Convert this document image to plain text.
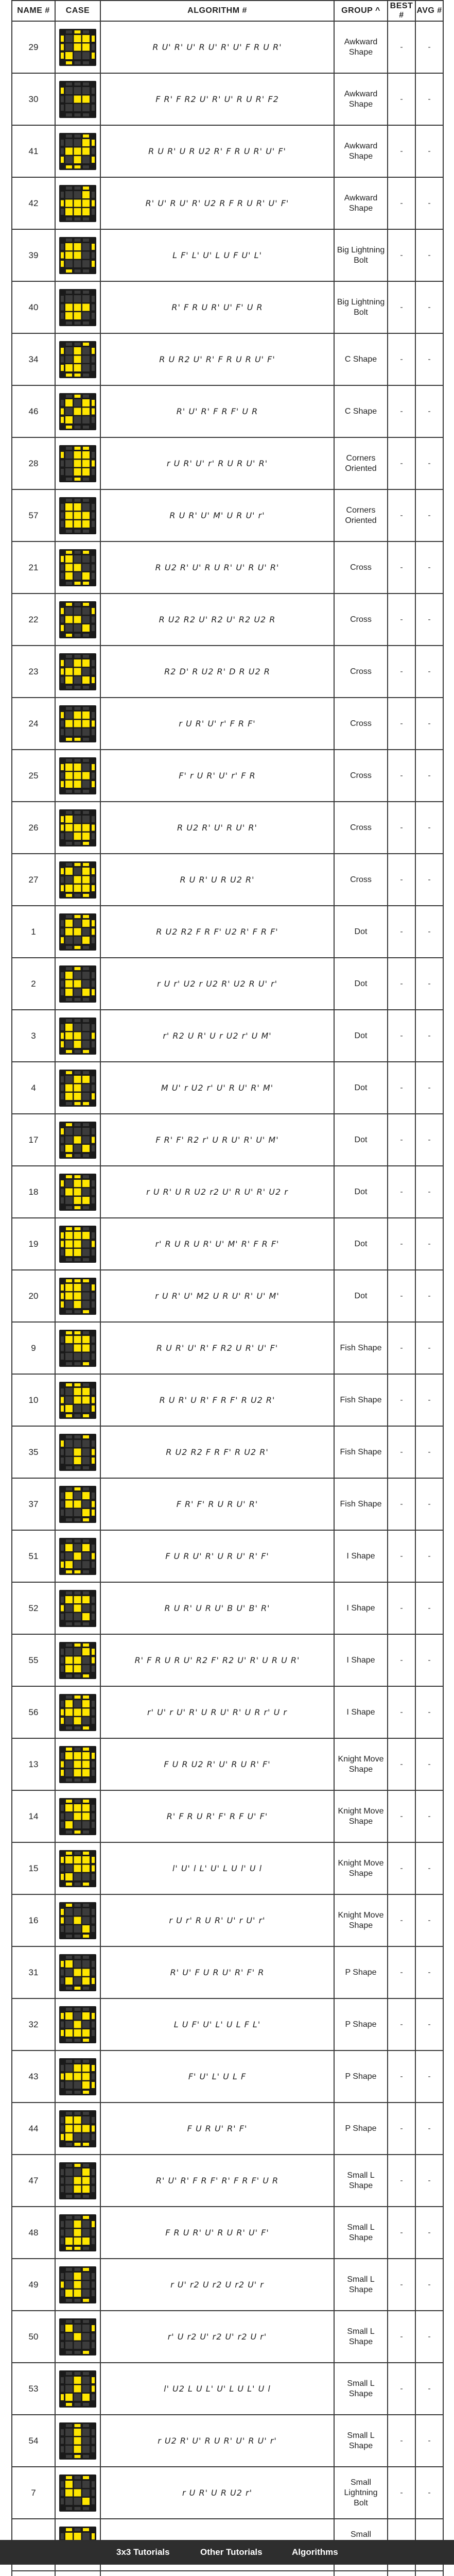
NAME #	CASE	ALGORITHM #	GROUP ^	BEST #	AVG #
29		R U' R' U' R U' R' U' F R U R'	Awkward Shape	-	-
30		F R' F R2 U' R' U' R U R' F2	Awkward Shape	-	-
41		R U R' U R U2 R' F R U R' U' F'	Awkward Shape	-	-
42		R' U' R U' R' U2 R F R U R' U' F'	Awkward Shape	-	-
39		L F' L' U' L U F U' L'	Big Lightning Bolt	-	-
40		R' F R U R' U' F' U R	Big Lightning Bolt	-	-
34		R U R2 U' R' F R U R U' F'	C Shape	-	-
46		R' U' R' F R F' U R	C Shape	-	-
28		r U R' U' r' R U R U' R'	Corners Oriented	-	-
57		R U R' U' M' U R U' r'	Corners Oriented	-	-
21		R U2 R' U' R U R' U' R U' R'	Cross	-	-
22		R U2 R2 U' R2 U' R2 U2 R	Cross	-	-
23		R2 D' R U2 R' D R U2 R	Cross	-	-
24		r U R' U' r' F R F'	Cross	-	-
25		F' r U R' U' r' F R	Cross	-	-
26		R U2 R' U' R U' R'	Cross	-	-
27		R U R' U R U2 R'	Cross	-	-
1		R U2 R2 F R F' U2 R' F R F'	Dot	-	-
2		r U r' U2 r U2 R' U2 R U' r'	Dot	-	-
3		r' R2 U R' U r U2 r' U M'	Dot	-	-
4		M U' r U2 r' U' R U' R' M'	Dot	-	-
17		F R' F' R2 r' U R U' R' U' M'	Dot	-	-
18		r U R' U R U2 r2 U' R U' R' U2 r	Dot	-	-
19		r' R U R U R' U' M' R' F R F'	Dot	-	-
20		r U R' U' M2 U R U' R' U' M'	Dot	-	-
9		R U R' U' R' F R2 U R' U' F'	Fish Shape	-	-
10		R U R' U R' F R F' R U2 R'	Fish Shape	-	-
35		R U2 R2 F R F' R U2 R'	Fish Shape	-	-
37		F R' F' R U R U' R'	Fish Shape	-	-
51		F U R U' R' U R U' R' F'	I Shape	-	-
52		R U R' U R U' B U' B' R'	I Shape	-	-
55		R' F R U R U' R2 F' R2 U' R' U R U R'	I Shape	-	-
56		r' U' r U' R' U R U' R' U R r' U r	I Shape	-	-
13		F U R U2 R' U' R U R' F'	Knight Move Shape	-	-
14		R' F R U R' F' R F U' F'	Knight Move Shape	-	-
15		l' U' l L' U' L U l' U l	Knight Move Shape	-	-
16		r U r' R U R' U' r U' r'	Knight Move Shape	-	-
31		R' U' F U R U' R' F' R	P Shape	-	-
32		L U F' U' L' U L F L'	P Shape	-	-
43		F' U' L' U L F	P Shape	-	-
44		F U R U' R' F'	P Shape	-	-
47		R' U' R' F R F' R' F R F' U R	Small L Shape	-	-
48		F R U R' U' R U R' U' F'	Small L Shape	-	-
49		r U' r2 U r2 U r2 U' r	Small L Shape	-	-
50		r' U r2 U' r2 U' r2 U r'	Small L Shape	-	-
53		l' U2 L U L' U' L U L' U l	Small L Shape	-	-
54		r U2 R' U' R U R' U' R U' r'	Small L Shape	-	-
7		r U R' U R U2 r'	Small Lightning Bolt	-	-

		Small		

3x3 Tutorials	Other Tutorials	Algorithms
